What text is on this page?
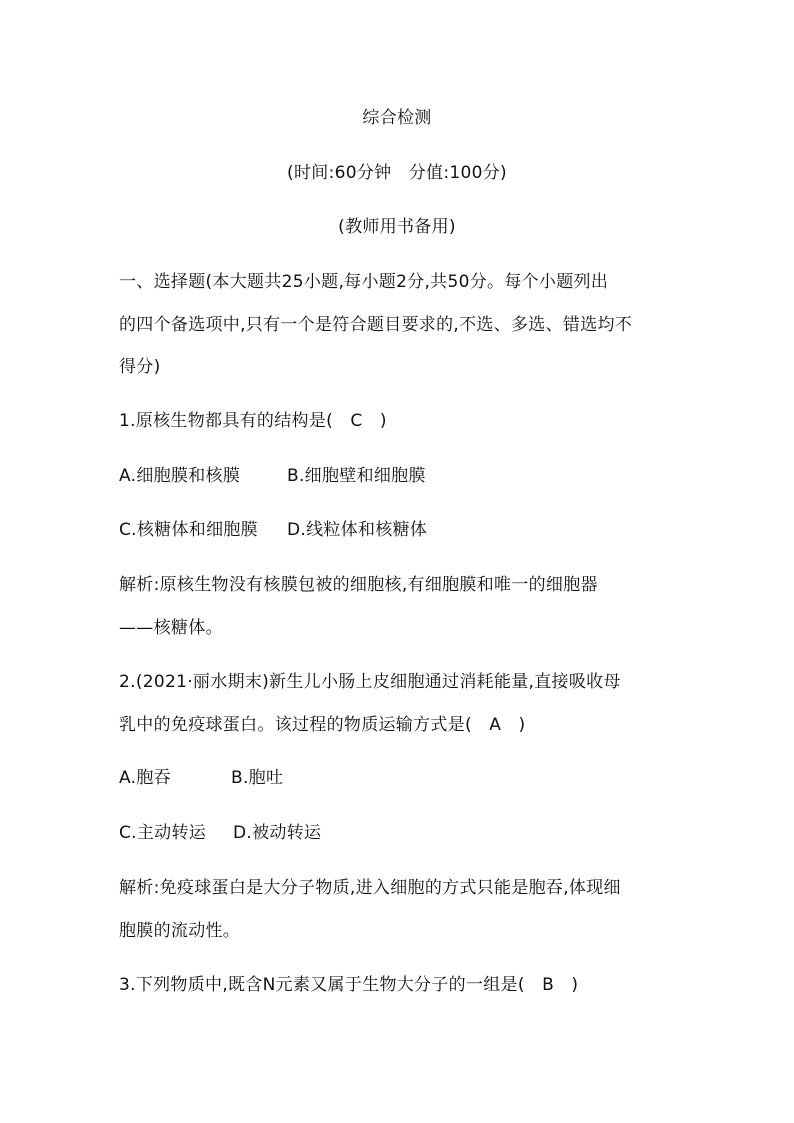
综合检测
(时间:60分钟　分值:100分)
(教师用书备用)
一、选择题(本大题共25小题,每小题2分,共50分。每个小题列出
的四个备选项中,只有一个是符合题目要求的,不选、多选、错选均不
得分)
1.原核生物都具有的结构是(　C　)
A.细胞膜和核膜	B.细胞壁和细胞膜
C.核糖体和细胞膜 D.线粒体和核糖体
解析:原核生物没有核膜包被的细胞核,有细胞膜和唯一的细胞器
——核糖体。
2.(2021·丽水期末)新生儿小肠上皮细胞通过消耗能量,直接吸收母
乳中的免疫球蛋白。该过程的物质运输方式是(　A　)
A.胞吞	B.胞吐
C.主动转运 D.被动转运
解析:免疫球蛋白是大分子物质,进入细胞的方式只能是胞吞,体现细
胞膜的流动性。
3.下列物质中,既含N元素又属于生物大分子的一组是(　B　)
